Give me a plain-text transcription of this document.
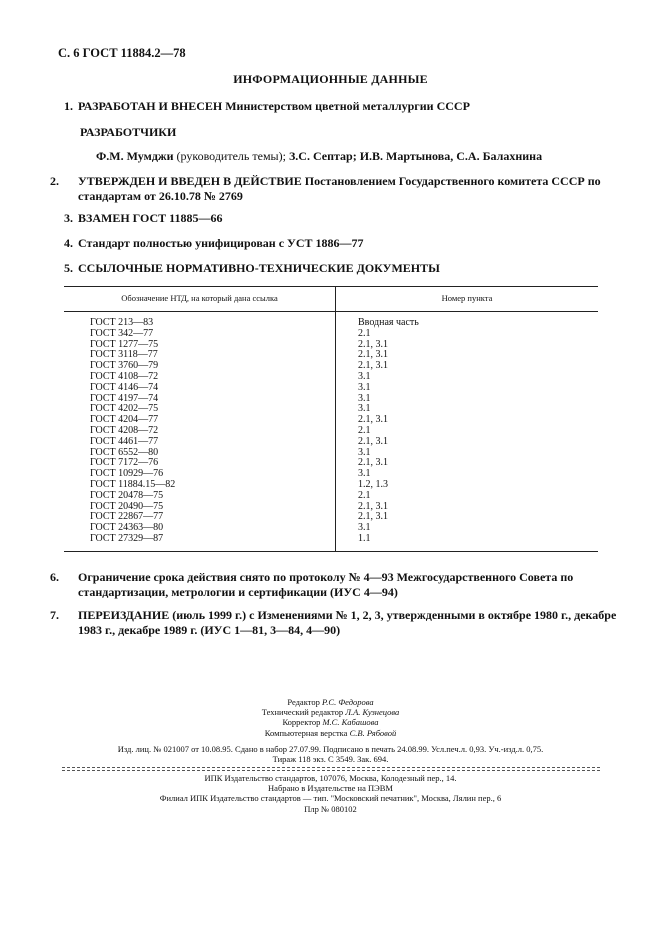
С. 6 ГОСТ 11884.2—78
ИНФОРМАЦИОННЫЕ ДАННЫЕ
1. РАЗРАБОТАН И ВНЕСЕН Министерством цветной металлургии СССР
РАЗРАБОТЧИКИ
Ф.М. Мумджи (руководитель темы); З.С. Септар; И.В. Мартынова, С.А. Балахнина
2. УТВЕРЖДЕН И ВВЕДЕН В ДЕЙСТВИЕ Постановлением Государственного комитета СССР по стандартам от 26.10.78 № 2769
3. ВЗАМЕН ГОСТ 11885—66
4. Стандарт полностью унифицирован с УСТ 1886—77
5. ССЫЛОЧНЫЕ НОРМАТИВНО-ТЕХНИЧЕСКИЕ ДОКУМЕНТЫ
Обозначение НТД, на который дана ссылка	Номер пункта
ГОСТ 213—83
ГОСТ 342—77
ГОСТ 1277—75
ГОСТ 3118—77
ГОСТ 3760—79
ГОСТ 4108—72
ГОСТ 4146—74
ГОСТ 4197—74
ГОСТ 4202—75
ГОСТ 4204—77
ГОСТ 4208—72
ГОСТ 4461—77
ГОСТ 6552—80
ГОСТ 7172—76
ГОСТ 10929—76
ГОСТ 11884.15—82
ГОСТ 20478—75
ГОСТ 20490—75
ГОСТ 22867—77
ГОСТ 24363—80
ГОСТ 27329—87
Вводная часть
2.1
2.1, 3.1
2.1, 3.1
2.1, 3.1
3.1
3.1
3.1
3.1
2.1, 3.1
2.1
2.1, 3.1
3.1
2.1, 3.1
3.1
1.2, 1.3
2.1
2.1, 3.1
2.1, 3.1
3.1
1.1
6. Ограничение срока действия снято по протоколу № 4—93 Межгосударственного Совета по стандартизации, метрологии и сертификации (ИУС 4—94)
7. ПЕРЕИЗДАНИЕ (июль 1999 г.) с Изменениями № 1, 2, 3, утвержденными в октябре 1980 г., декабре 1983 г., декабре 1989 г. (ИУС 1—81, 3—84, 4—90)
Редактор Р.С. Федорова
Технический редактор Л.А. Кузнецова
Корректор М.С. Кабашова
Компьютерная верстка С.В. Рябовой
Изд. лиц. № 021007 от 10.08.95. Сдано в набор 27.07.99. Подписано в печать 24.08.99. Усл.печ.л. 0,93. Уч.-изд.л. 0,75.
Тираж 118 экз. С 3549. Зак. 694.
ИПК Издательство стандартов, 107076, Москва, Колодезный пер., 14.
Набрано в Издательстве на ПЭВМ
Филиал ИПК Издательство стандартов — тип. "Московский печатник", Москва, Лялин пер., 6
Плр № 080102
